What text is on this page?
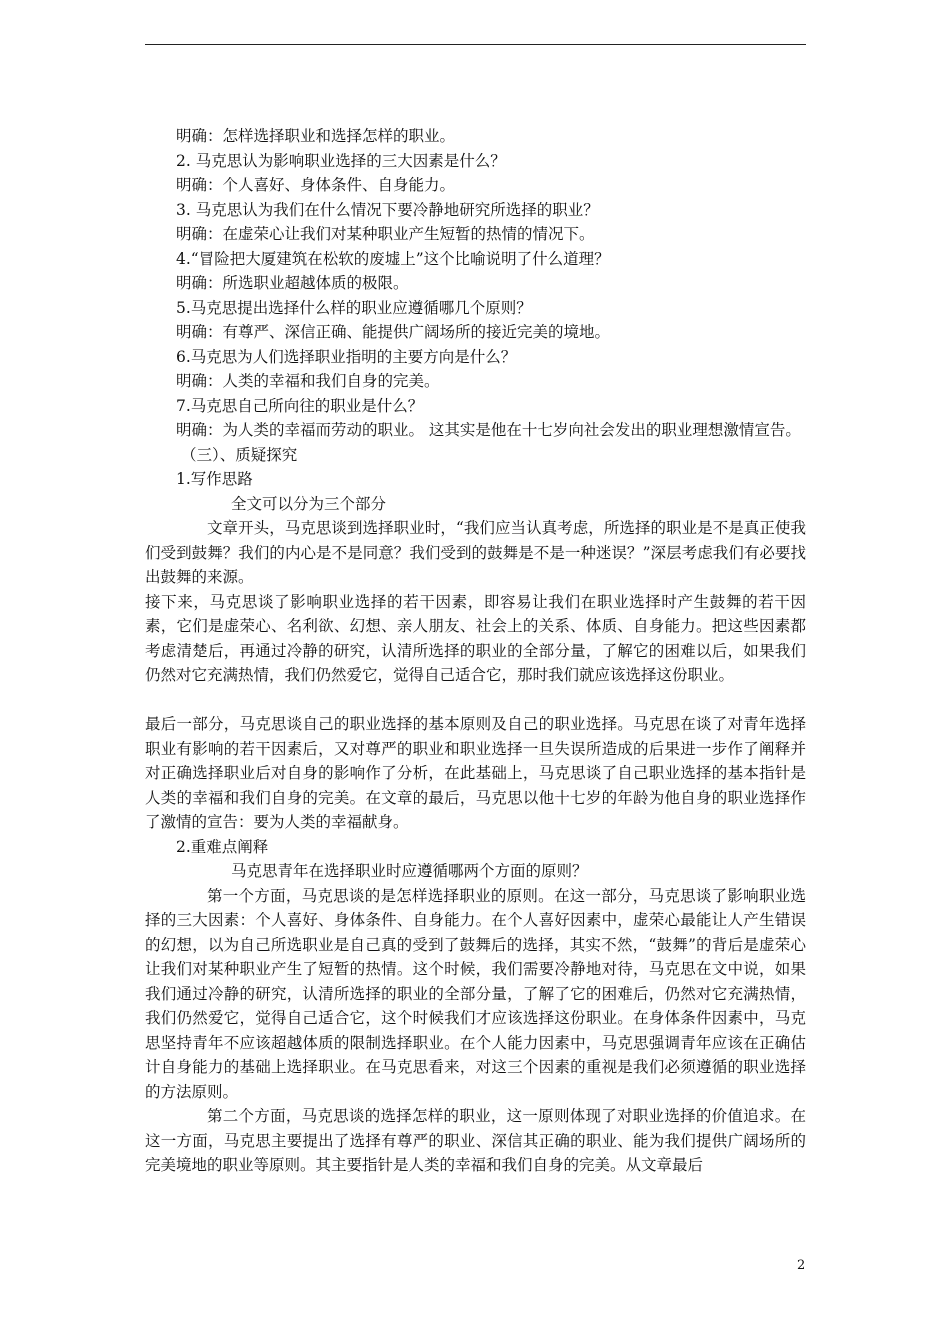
明确：怎样选择职业和选择怎样的职业。
2. 马克思认为影响职业选择的三大因素是什么？
明确：个人喜好、身体条件、自身能力。
3. 马克思认为我们在什么情况下要冷静地研究所选择的职业？
明确：在虚荣心让我们对某种职业产生短暂的热情的情况下。
4.“冒险把大厦建筑在松软的废墟上”这个比喻说明了什么道理？
明确：所选职业超越体质的极限。
5.马克思提出选择什么样的职业应遵循哪几个原则？
明确：有尊严、深信正确、能提供广阔场所的接近完美的境地。
6.马克思为人们选择职业指明的主要方向是什么？
明确：人类的幸福和我们自身的完美。
7.马克思自己所向往的职业是什么？
明确：为人类的幸福而劳动的职业。 这其实是他在十七岁向社会发出的职业理想激情宣告。
（三）、质疑探究
1.写作思路
全文可以分为三个部分
文章开头，马克思谈到选择职业时，“我们应当认真考虑，所选择的职业是不是真正使我们受到鼓舞？我们的内心是不是同意？我们受到的鼓舞是不是一种迷误？”深层考虑我们有必要找出鼓舞的来源。
接下来，马克思谈了影响职业选择的若干因素，即容易让我们在职业选择时产生鼓舞的若干因素，它们是虚荣心、名利欲、幻想、亲人朋友、社会上的关系、体质、自身能力。把这些因素都考虑清楚后，再通过冷静的研究，认清所选择的职业的全部分量，了解它的困难以后，如果我们仍然对它充满热情，我们仍然爱它，觉得自己适合它，那时我们就应该选择这份职业。
最后一部分，马克思谈自己的职业选择的基本原则及自己的职业选择。马克思在谈了对青年选择职业有影响的若干因素后，又对尊严的职业和职业选择一旦失误所造成的后果进一步作了阐释并对正确选择职业后对自身的影响作了分析，在此基础上，马克思谈了自己职业选择的基本指针是人类的幸福和我们自身的完美。在文章的最后，马克思以他十七岁的年龄为他自身的职业选择作了激情的宣告：要为人类的幸福献身。
2.重难点阐释
马克思青年在选择职业时应遵循哪两个方面的原则？
第一个方面，马克思谈的是怎样选择职业的原则。在这一部分，马克思谈了影响职业选择的三大因素：个人喜好、身体条件、自身能力。在个人喜好因素中，虚荣心最能让人产生错误的幻想，以为自己所选职业是自己真的受到了鼓舞后的选择，其实不然，“鼓舞”的背后是虚荣心让我们对某种职业产生了短暂的热情。这个时候，我们需要冷静地对待，马克思在文中说，如果我们通过冷静的研究，认清所选择的职业的全部分量，了解了它的困难后，仍然对它充满热情，我们仍然爱它，觉得自己适合它，这个时候我们才应该选择这份职业。在身体条件因素中，马克思坚持青年不应该超越体质的限制选择职业。在个人能力因素中，马克思强调青年应该在正确估计自身能力的基础上选择职业。在马克思看来，对这三个因素的重视是我们必须遵循的职业选择的方法原则。
第二个方面，马克思谈的选择怎样的职业，这一原则体现了对职业选择的价值追求。在这一方面，马克思主要提出了选择有尊严的职业、深信其正确的职业、能为我们提供广阔场所的完美境地的职业等原则。其主要指针是人类的幸福和我们自身的完美。从文章最后
2
